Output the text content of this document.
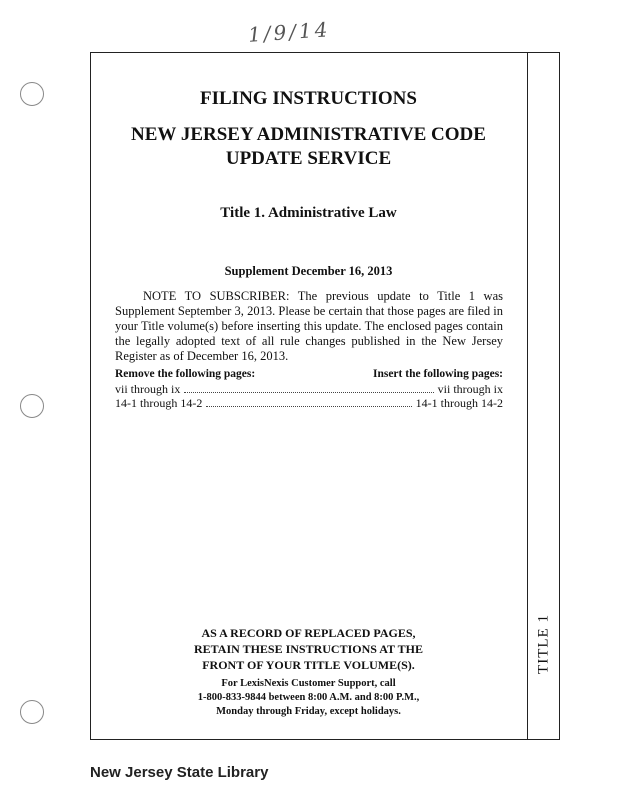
1/9/14
FILING INSTRUCTIONS
NEW JERSEY ADMINISTRATIVE CODE
UPDATE SERVICE
Title 1. Administrative Law
Supplement December 16, 2013
NOTE TO SUBSCRIBER: The previous update to Title 1 was Supplement September 3, 2013. Please be certain that those pages are filed in your Title volume(s) before inserting this update. The enclosed pages contain the legally adopted text of all rule changes published in the New Jersey Register as of December 16, 2013.
Remove the following pages:	Insert the following pages:
vii through ix	vii through ix
14-1 through 14-2	14-1 through 14-2
AS A RECORD OF REPLACED PAGES,
RETAIN THESE INSTRUCTIONS AT THE
FRONT OF YOUR TITLE VOLUME(S).
For LexisNexis Customer Support, call
1-800-833-9844 between 8:00 A.M. and 8:00 P.M.,
Monday through Friday, except holidays.
TITLE 1
New Jersey State Library
